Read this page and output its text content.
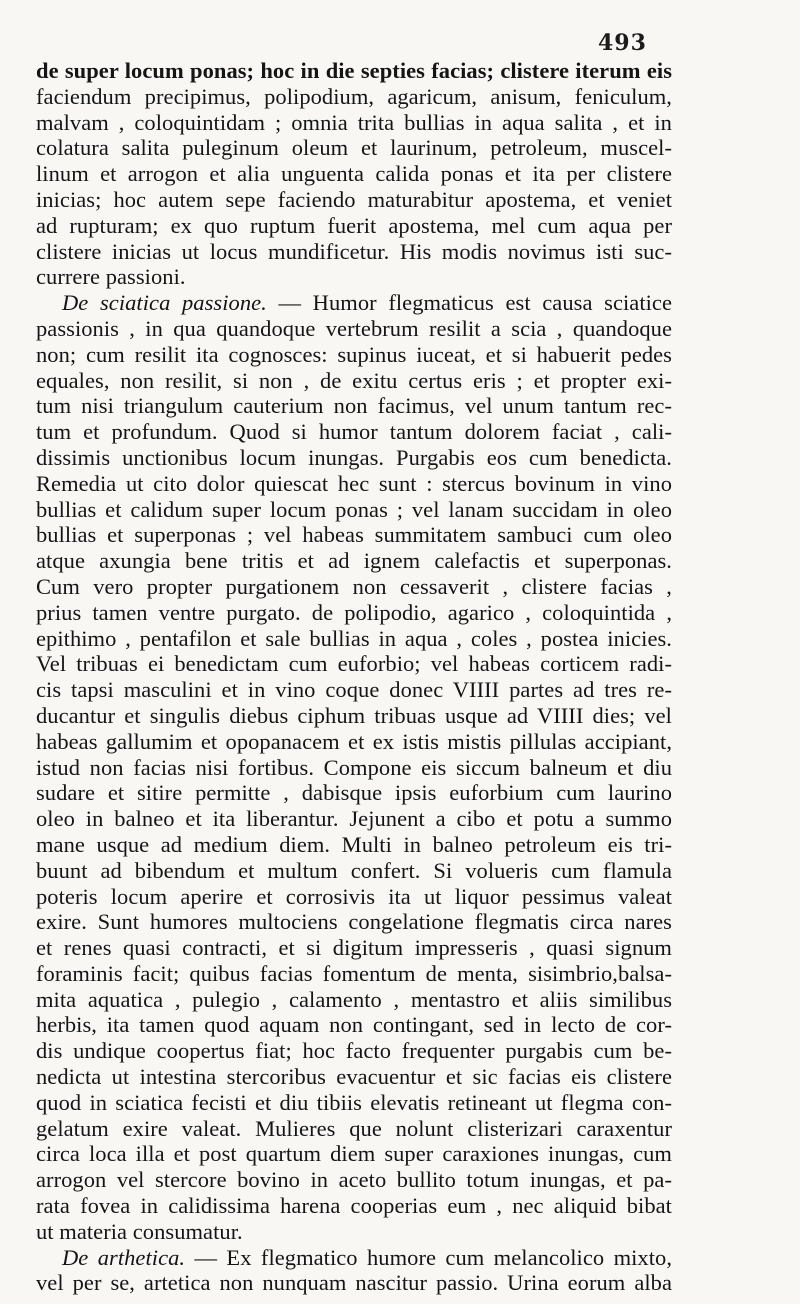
493
de super locum ponas; hoc in die septies facias; clistere iterum eis
faciendum precipimus, polipodium, agaricum, anisum, feniculum,
malvam , coloquintidam ; omnia trita bullias in aqua salita , et in
colatura salita puleginum oleum et laurinum, petroleum, muscel-
linum et arrogon et alia unguenta calida ponas et ita per clistere
inicias; hoc autem sepe faciendo maturabitur apostema, et veniet
ad rupturam; ex quo ruptum fuerit apostema, mel cum aqua per
clistere inicias ut locus mundificetur. His modis novimus isti suc-
currere passioni.
De sciatica passione. — Humor flegmaticus est causa sciatice
passionis , in qua quandoque vertebrum resilit a scia , quandoque
non; cum resilit ita cognosces: supinus iuceat, et si habuerit pedes
equales, non resilit, si non , de exitu certus eris ; et propter exi-
tum nisi triangulum cauterium non facimus, vel unum tantum rec-
tum et profundum. Quod si humor tantum dolorem faciat , cali-
dissimis unctionibus locum inungas. Purgabis eos cum benedicta.
Remedia ut cito dolor quiescat hec sunt : stercus bovinum in vino
bullias et calidum super locum ponas ; vel lanam succidam in oleo
bullias et superponas ; vel habeas summitatem sambuci cum oleo
atque axungia bene tritis et ad ignem calefactis et superponas.
Cum vero propter purgationem non cessaverit , clistere facias ,
prius tamen ventre purgato. de polipodio, agarico , coloquintida ,
epithimo , pentafilon et sale bullias in aqua , coles , postea inicies.
Vel tribuas ei benedictam cum euforbio; vel habeas corticem radi-
cis tapsi masculini et in vino coque donec VIIII partes ad tres re-
ducantur et singulis diebus ciphum tribuas usque ad VIIII dies; vel
habeas gallumim et opopanacem et ex istis mistis pillulas accipiant,
istud non facias nisi fortibus. Compone eis siccum balneum et diu
sudare et sitire permitte , dabisque ipsis euforbium cum laurino
oleo in balneo et ita liberantur. Jejunent a cibo et potu a summo
mane usque ad medium diem. Multi in balneo petroleum eis tri-
buunt ad bibendum et multum confert. Si volueris cum flamula
poteris locum aperire et corrosivis ita ut liquor pessimus valeat
exire. Sunt humores multociens congelatione flegmatis circa nares
et renes quasi contracti, et si digitum impresseris , quasi signum
foraminis facit; quibus facias fomentum de menta, sisimbrio,balsa-
mita aquatica , pulegio , calamento , mentastro et aliis similibus
herbis, ita tamen quod aquam non contingant, sed in lecto de cor-
dis undique coopertus fiat; hoc facto frequenter purgabis cum be-
nedicta ut intestina stercoribus evacuentur et sic facias eis clistere
quod in sciatica fecisti et diu tibiis elevatis retineant ut flegma con-
gelatum exire valeat. Mulieres que nolunt clisterizari caraxentur
circa loca illa et post quartum diem super caraxiones inungas, cum
arrogon vel stercore bovino in aceto bullito totum inungas, et pa-
rata fovea in calidissima harena cooperias eum , nec aliquid bibat
ut materia consumatur.
De arthetica. — Ex flegmatico humore cum melancolico mixto,
vel per se, artetica non nunquam nascitur passio. Urina eorum alba
